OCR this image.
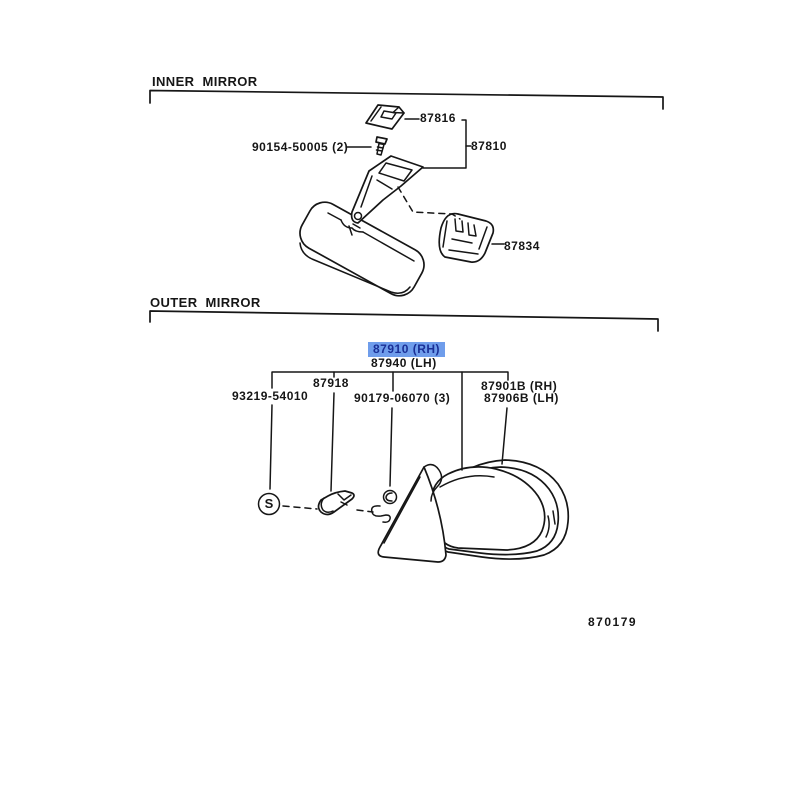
INNER MIRROR
87816
90154-50005 (2)	87810
87834
OUTER MIRROR
87910 (RH)
87940 (LH)
93219-54010
87918
90179-06070 (3)
87901B (RH)
87906B (LH)
S
870179
